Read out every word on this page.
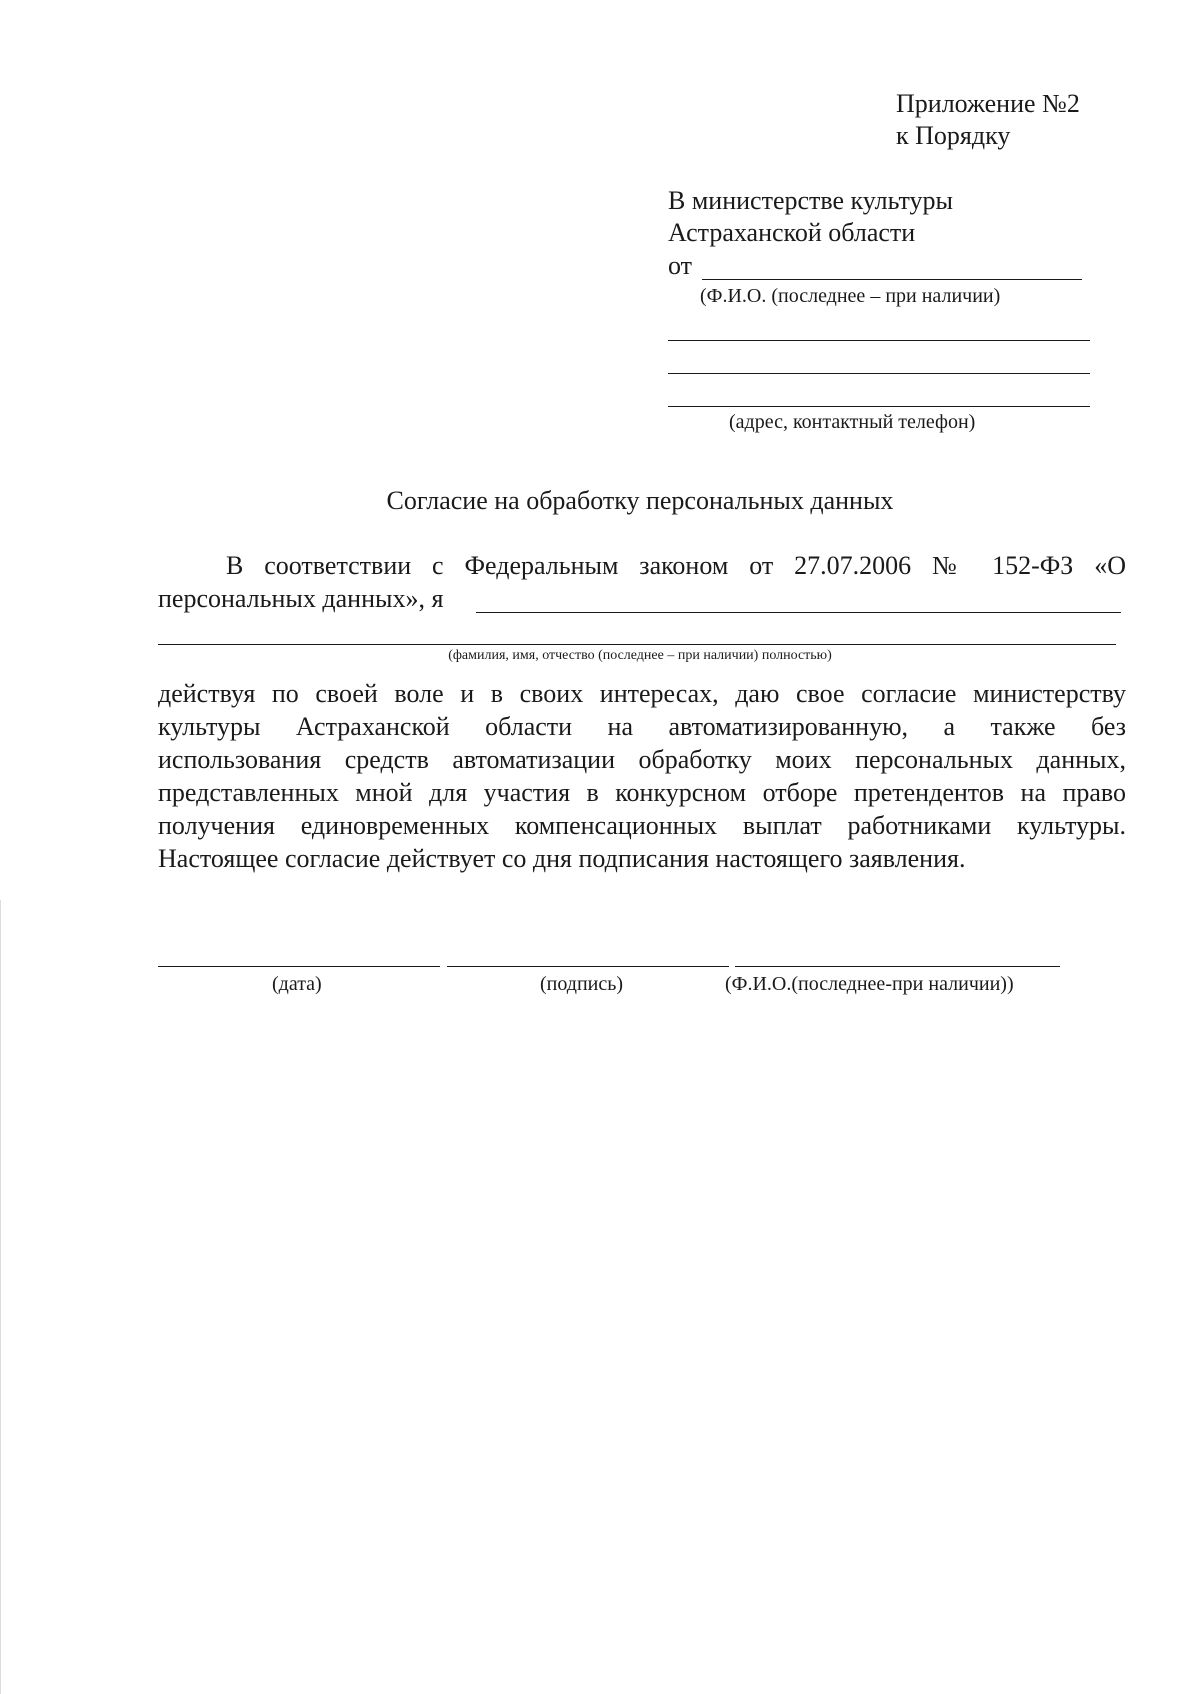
Приложение №2
к Порядку
В министерстве культуры
Астраханской области
от
(Ф.И.О. (последнее – при наличии)
(адрес, контактный телефон)
Согласие на обработку персональных данных
В соответствии с Федеральным законом от 27.07.2006 № 152-ФЗ «О
персональных данных», я
(фамилия, имя, отчество (последнее – при наличии) полностью)
действуя по своей воле и в своих интересах, даю свое согласие министерству
культуры Астраханской области на автоматизированную, а также без
использования средств автоматизации обработку моих персональных данных,
представленных мной для участия в конкурсном отборе претендентов на право
получения единовременных компенсационных выплат работниками культуры.
Настоящее согласие действует со дня подписания настоящего заявления.
(дата)	(подпись)	(Ф.И.О.(последнее-при наличии))
